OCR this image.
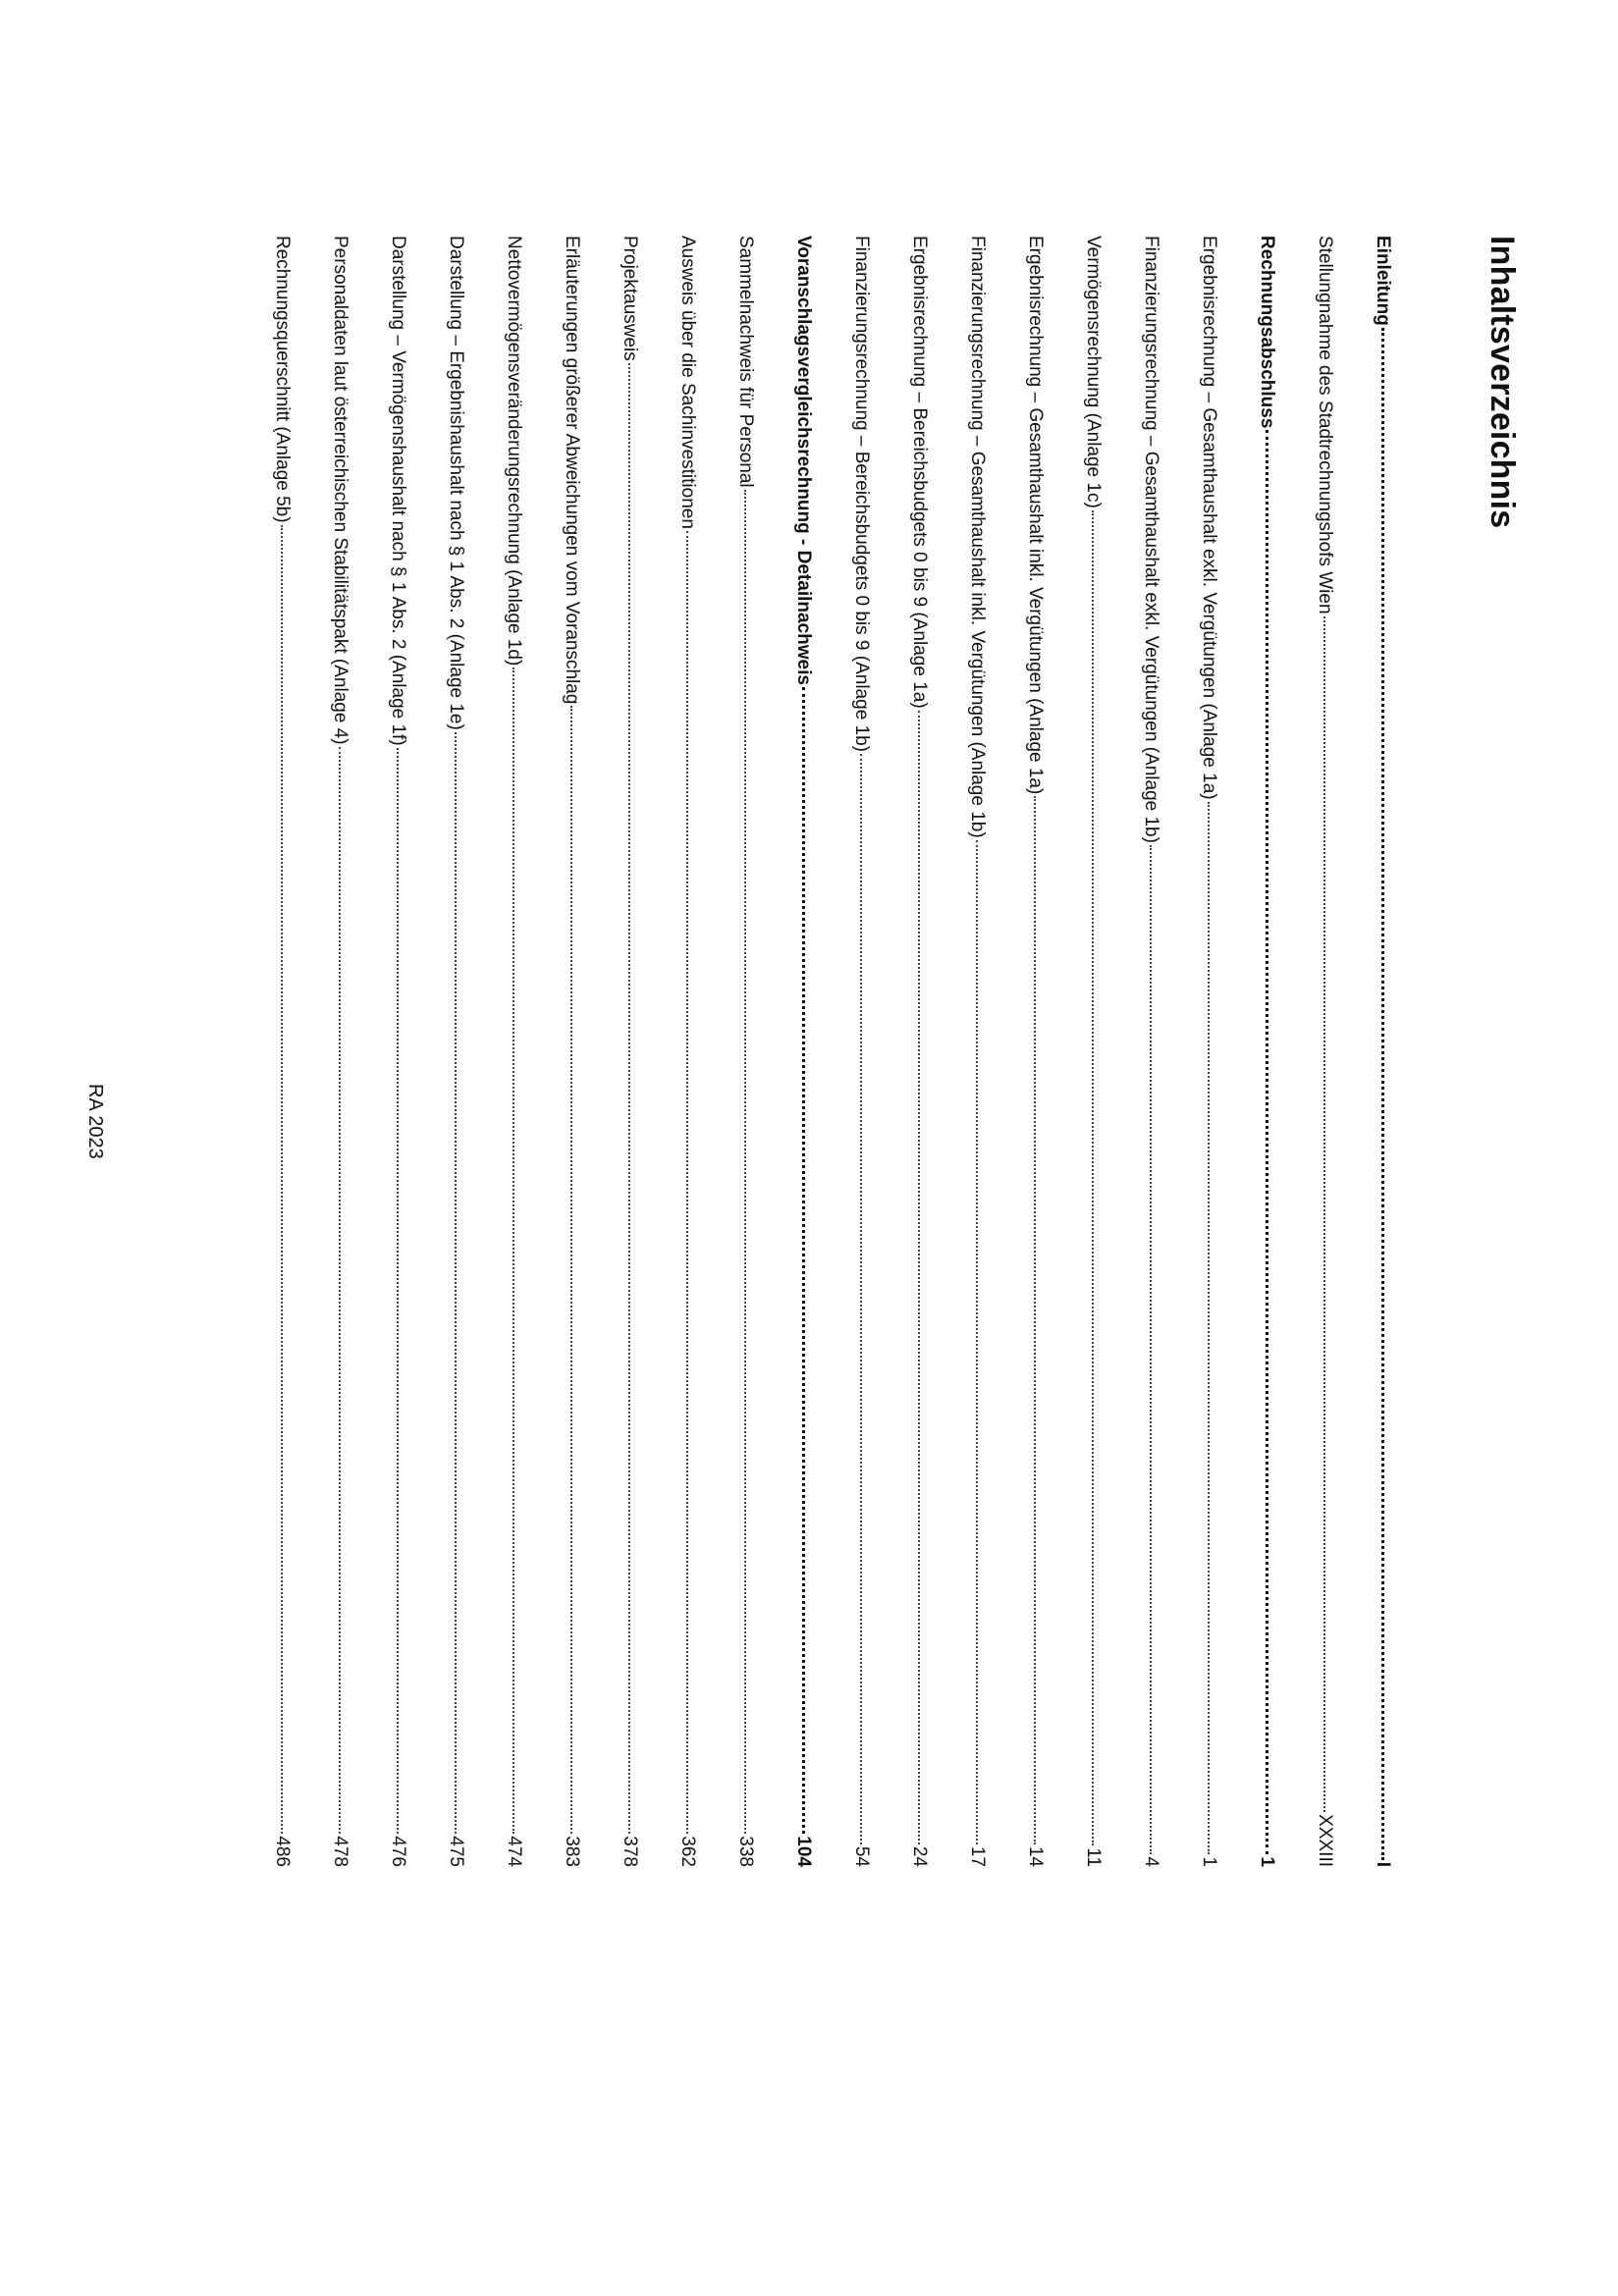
Inhaltsverzeichnis
Einleitung
I
Stellungnahme des Stadtrechnungshofs Wien
XXXIII
Rechnungsabschluss
1
Ergebnisrechnung – Gesamthaushalt exkl. Vergütungen (Anlage 1a)
1
Finanzierungsrechnung – Gesamthaushalt exkl. Vergütungen (Anlage 1b)
4
Vermögensrechnung (Anlage 1c)
11
Ergebnisrechnung – Gesamthaushalt inkl. Vergütungen (Anlage 1a)
14
Finanzierungsrechnung – Gesamthaushalt inkl. Vergütungen (Anlage 1b)
17
Ergebnisrechnung – Bereichsbudgets 0 bis 9 (Anlage 1a)
24
Finanzierungsrechnung – Bereichsbudgets 0 bis 9 (Anlage 1b)
54
Voranschlagsvergleichsrechnung - Detailnachweis
104
Sammelnachweis für Personal
338
Ausweis über die Sachinvestitionen
362
Projektausweis
378
Erläuterungen größerer Abweichungen vom Voranschlag
383
Nettovermögensveränderungsrechnung (Anlage 1d)
474
Darstellung – Ergebnishaushalt nach § 1 Abs. 2 (Anlage 1e)
475
Darstellung – Vermögenshaushalt nach § 1 Abs. 2 (Anlage 1f)
476
Personaldaten laut österreichischen Stabilitätspakt (Anlage 4)
478
Rechnungsquerschnitt (Anlage 5b)
486

RA 2023
